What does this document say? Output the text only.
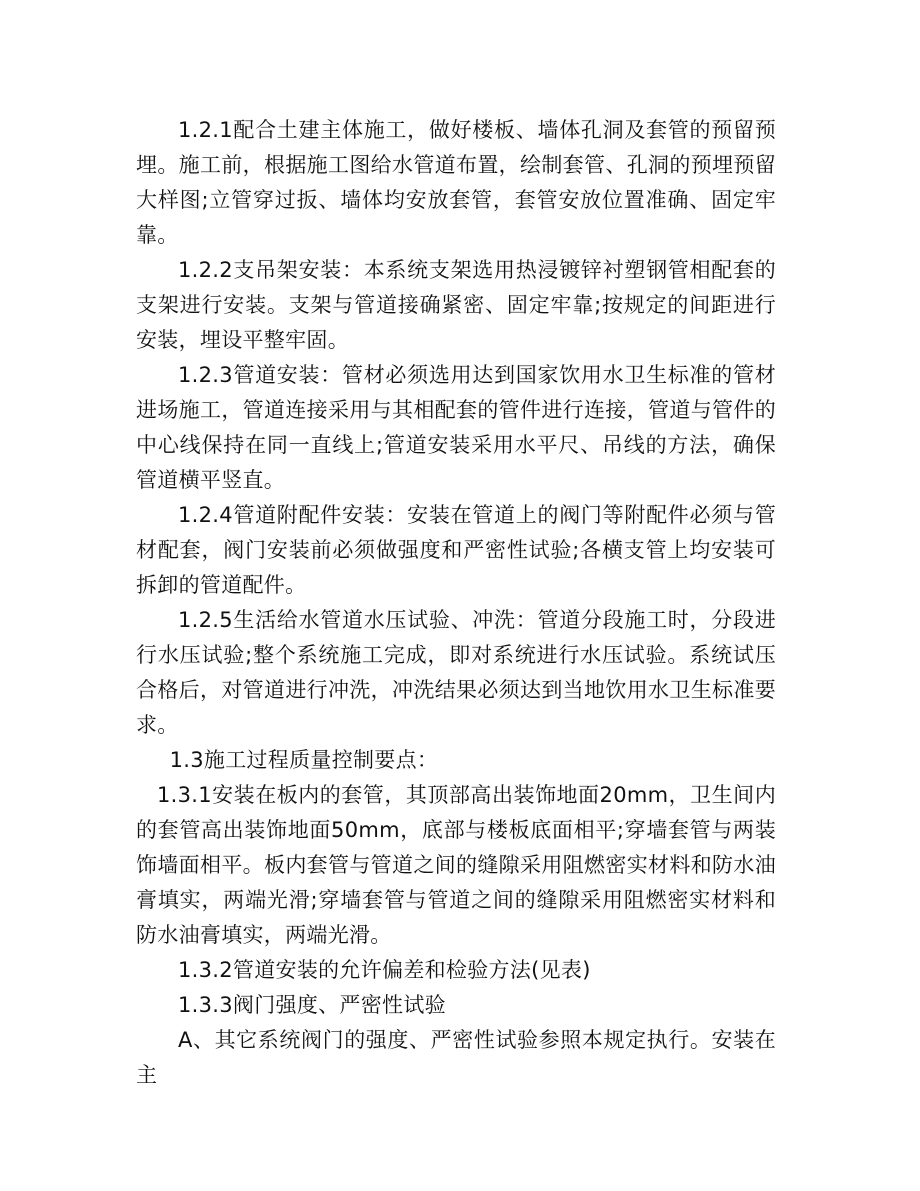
1.2.1配合土建主体施工，做好楼板、墙体孔洞及套管的预留预埋。施工前，根据施工图给水管道布置，绘制套管、孔洞的预埋预留大样图;立管穿过扳、墙体均安放套管，套管安放位置准确、固定牢靠。

1.2.2支吊架安装：本系统支架选用热浸镀锌衬塑钢管相配套的支架进行安装。支架与管道接确紧密、固定牢靠;按规定的间距进行安装，埋设平整牢固。

1.2.3管道安装：管材必须选用达到国家饮用水卫生标准的管材进场施工，管道连接采用与其相配套的管件进行连接，管道与管件的中心线保持在同一直线上;管道安装采用水平尺、吊线的方法，确保管道横平竖直。

1.2.4管道附配件安装：安装在管道上的阀门等附配件必须与管材配套，阀门安装前必须做强度和严密性试验;各横支管上均安装可拆卸的管道配件。

1.2.5生活给水管道水压试验、冲洗：管道分段施工时，分段进行水压试验;整个系统施工完成，即对系统进行水压试验。系统试压合格后，对管道进行冲洗，冲洗结果必须达到当地饮用水卫生标准要求。

1.3施工过程质量控制要点：

1.3.1安装在板内的套管，其顶部高出装饰地面20mm，卫生间内的套管高出装饰地面50mm，底部与楼板底面相平;穿墙套管与两装饰墙面相平。板内套管与管道之间的缝隙采用阻燃密实材料和防水油膏填实，两端光滑;穿墙套管与管道之间的缝隙采用阻燃密实材料和防水油膏填实，两端光滑。

1.3.2管道安装的允许偏差和检验方法(见表)

1.3.3阀门强度、严密性试验

A、其它系统阀门的强度、严密性试验参照本规定执行。安装在主
